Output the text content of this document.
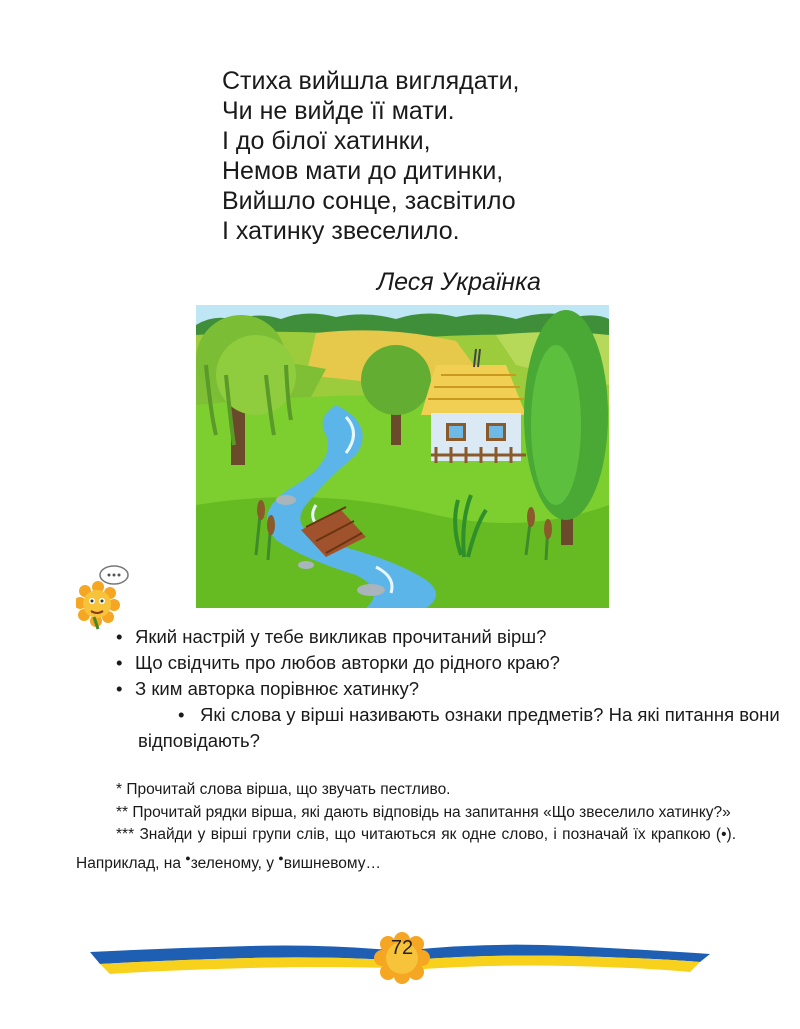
Стиха вийшла виглядати,

Чи не вийде її мати.

І до білої хатинки,

Немов мати до дитинки,

Вийшло сонце, засвітило

І хатинку звеселило.

Леся Українка

• Який настрій у тебе викликав прочитаний вірш?

• Що свідчить про любов авторки до рідного краю?

• З ким авторка порівнює хатинку?

• Які слова у вірші називають ознаки предметів? На які питання вони відповідають?

* Прочитай слова вірша, що звучать пестливо.

** Прочитай рядки вірша, які дають відповідь на запитання «Що звеселило хатинку?»

*** Знайди у вірші групи слів, що читаються як одне слово, і позначай їх крапкою (•). Наприклад, на ●зеленому, у ●вишневому…

72
